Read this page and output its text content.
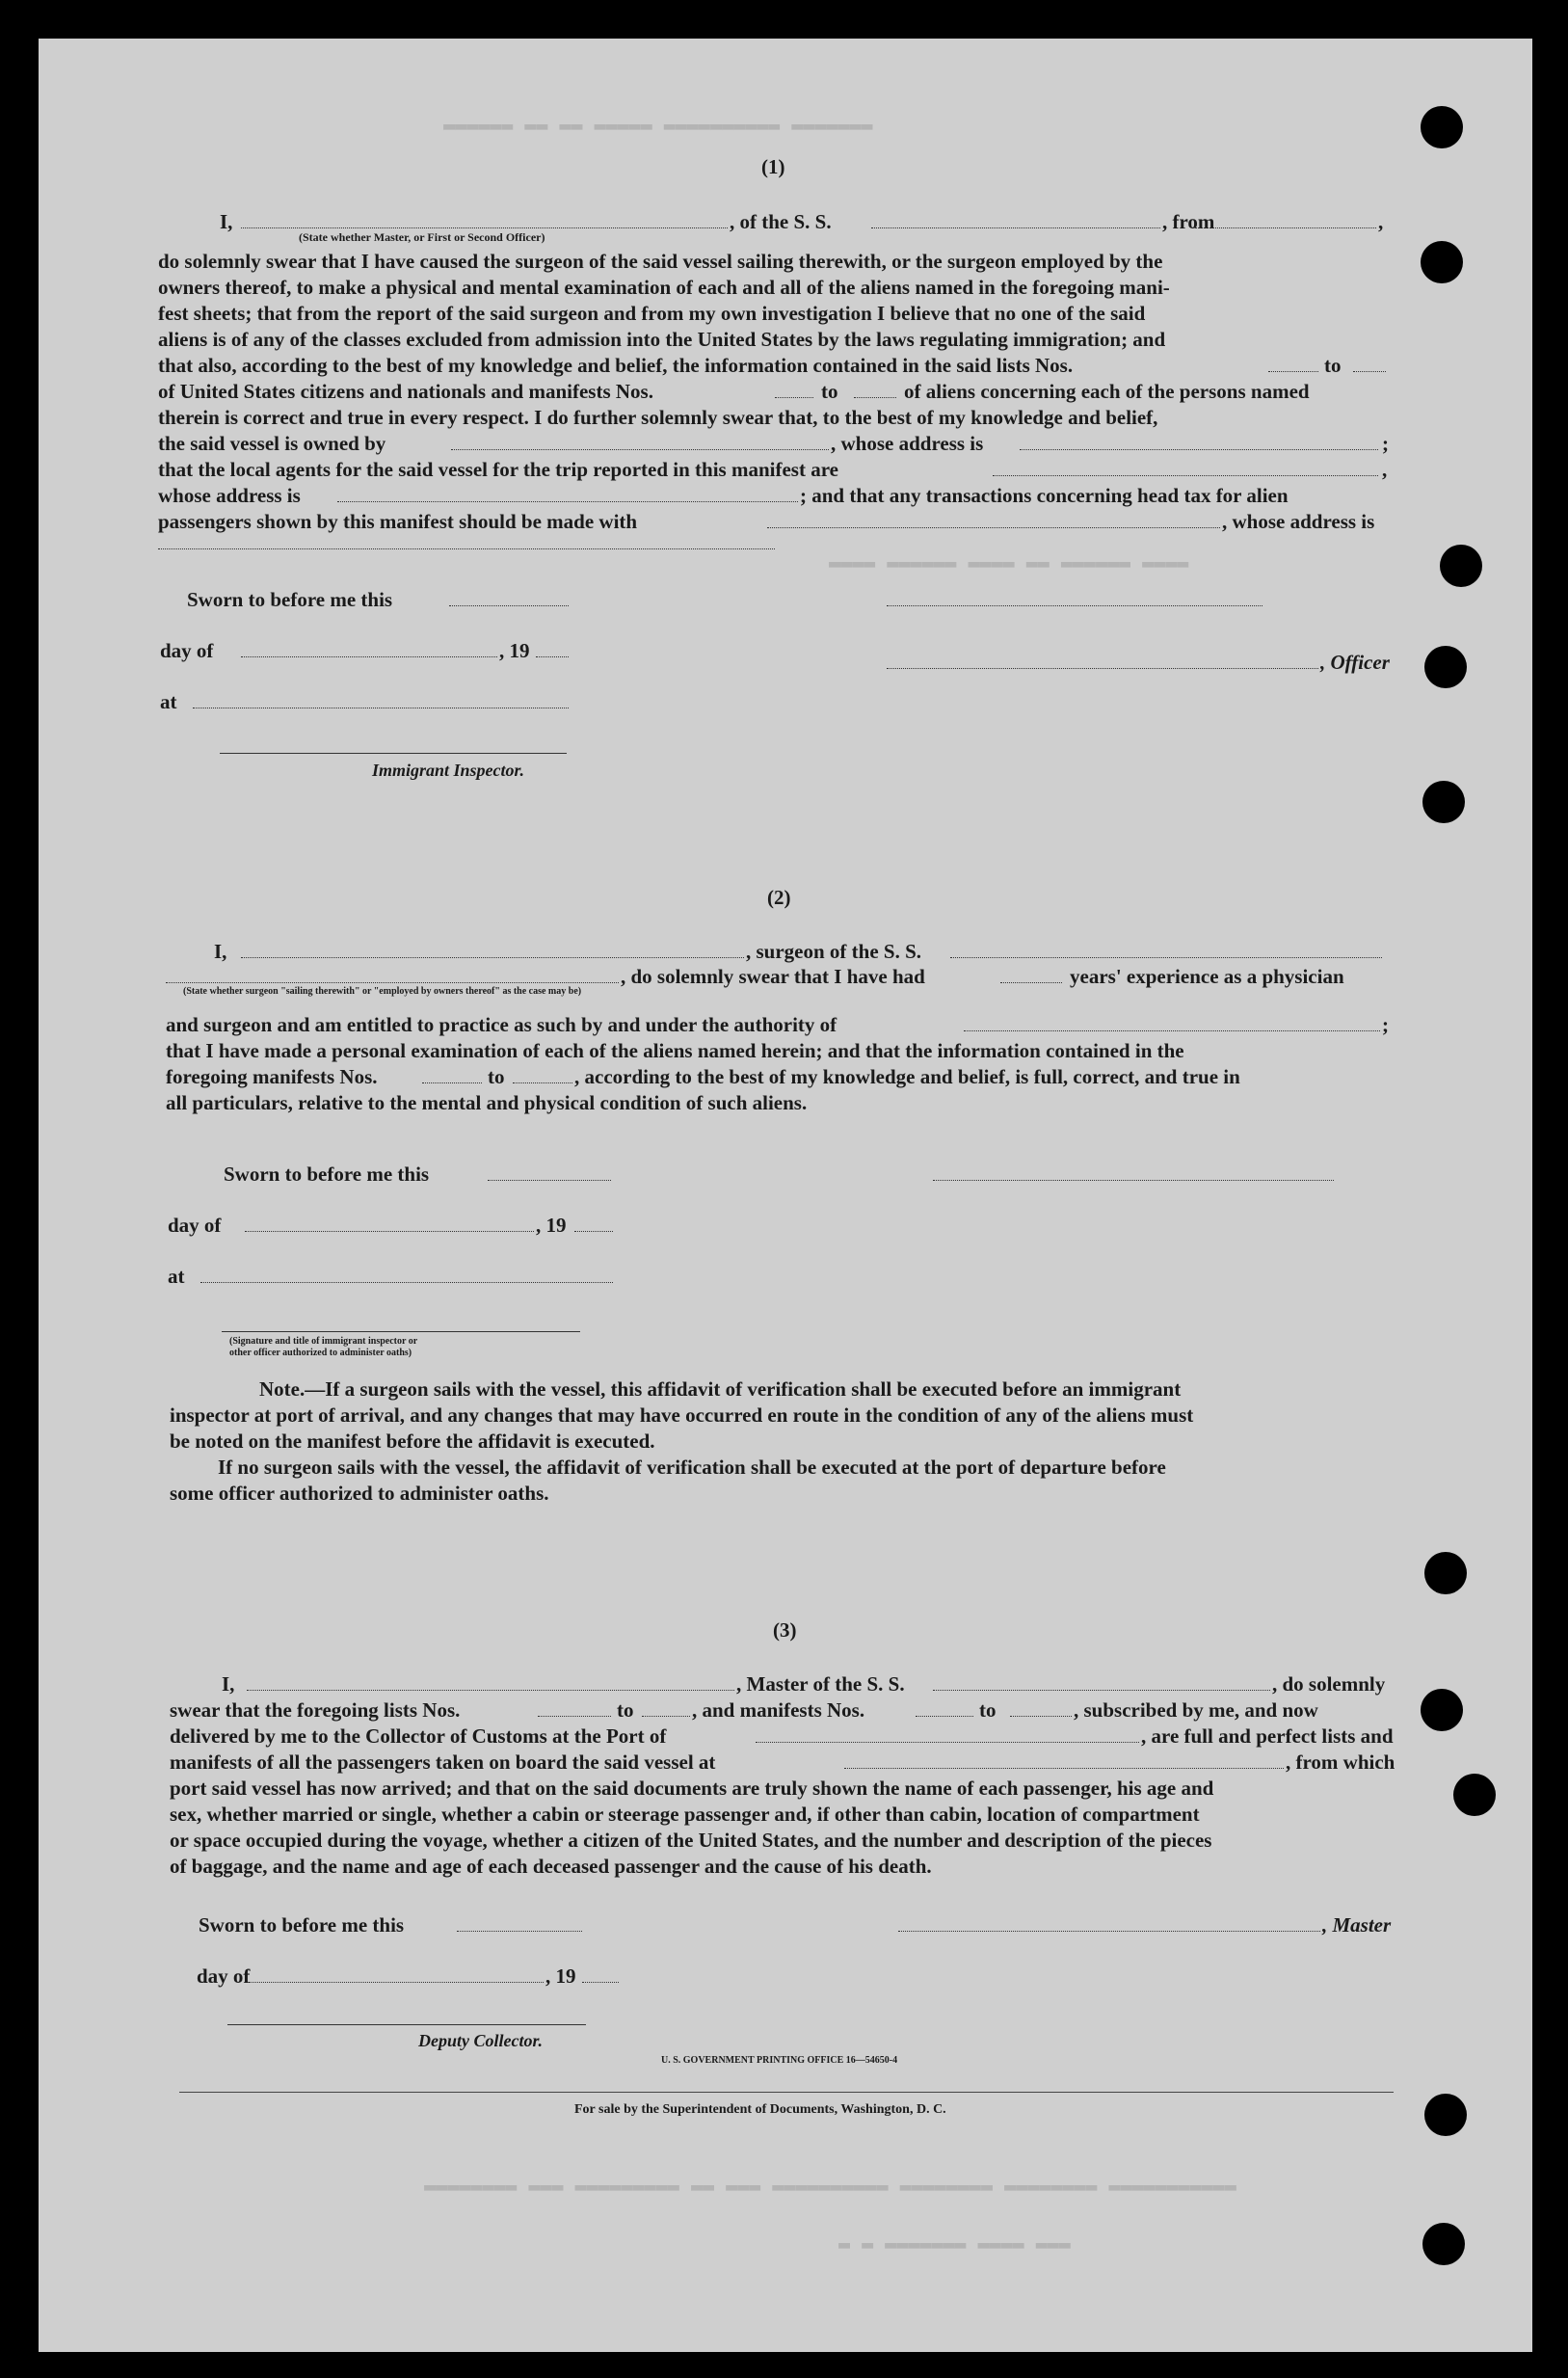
▬▬▬▬▬▬ ▬▬ ▬▬ ▬▬▬▬▬ ▬▬▬▬▬▬▬▬▬▬ ▬▬▬▬▬▬▬
▬▬▬▬ ▬▬▬▬▬▬ ▬▬▬▬ ▬▬ ▬▬▬▬▬▬ ▬▬▬▬
▬▬▬▬▬▬▬▬ ▬▬▬ ▬▬▬▬▬▬▬▬▬ ▬▬ ▬▬▬ ▬▬▬▬▬▬▬▬▬▬ ▬▬▬▬▬▬▬▬ ▬▬▬▬▬▬▬▬ ▬▬▬▬▬▬▬▬▬▬▬
▬ ▬ ▬▬▬▬▬▬▬ ▬▬▬▬ ▬▬▬
(1)
I,	, of the S. S.	, from	,
(State whether Master, or First or Second Officer)
do solemnly swear that I have caused the surgeon of the said vessel sailing therewith, or the surgeon employed by the
owners thereof, to make a physical and mental examination of each and all of the aliens named in the foregoing mani-
fest sheets; that from the report of the said surgeon and from my own investigation I believe that no one of the said
aliens is of any of the classes excluded from admission into the United States by the laws regulating immigration; and
that also, according to the best of my knowledge and belief, the information contained in the said lists Nos.	to
of United States citizens and nationals and manifests Nos.	to	of aliens concerning each of the persons named
therein is correct and true in every respect. I do further solemnly swear that, to the best of my knowledge and belief,
the said vessel is owned by	, whose address is	;
that the local agents for the said vessel for the trip reported in this manifest are	,
whose address is	; and that any transactions concerning head tax for alien
passengers shown by this manifest should be made with	, whose address is
Sworn to before me this
day of	, 19	, Officer
at
Immigrant Inspector.
(2)
I,	, surgeon of the S. S.
, do solemnly swear that I have had	years' experience as a physician
(State whether surgeon "sailing therewith" or "employed by owners thereof" as the case may be)
and surgeon and am entitled to practice as such by and under the authority of	;
that I have made a personal examination of each of the aliens named herein; and that the information contained in the
foregoing manifests Nos.	to	, according to the best of my knowledge and belief, is full, correct, and true in
all particulars, relative to the mental and physical condition of such aliens.
Sworn to before me this
day of	, 19
at
(Signature and title of immigrant inspector or
other officer authorized to administer oaths)
Note.—If a surgeon sails with the vessel, this affidavit of verification shall be executed before an immigrant
inspector at port of arrival, and any changes that may have occurred en route in the condition of any of the aliens must
be noted on the manifest before the affidavit is executed.
If no surgeon sails with the vessel, the affidavit of verification shall be executed at the port of departure before
some officer authorized to administer oaths.
(3)
I,	, Master of the S. S.	, do solemnly
swear that the foregoing lists Nos.	to	, and manifests Nos.	to	, subscribed by me, and now
delivered by me to the Collector of Customs at the Port of	, are full and perfect lists and
manifests of all the passengers taken on board the said vessel at	, from which
port said vessel has now arrived; and that on the said documents are truly shown the name of each passenger, his age and
sex, whether married or single, whether a cabin or steerage passenger and, if other than cabin, location of compartment
or space occupied during the voyage, whether a citizen of the United States, and the number and description of the pieces
of baggage, and the name and age of each deceased passenger and the cause of his death.
Sworn to before me this	, Master
day of	, 19
Deputy Collector.
U. S. GOVERNMENT PRINTING OFFICE 16—54650-4
For sale by the Superintendent of Documents, Washington, D. C.
